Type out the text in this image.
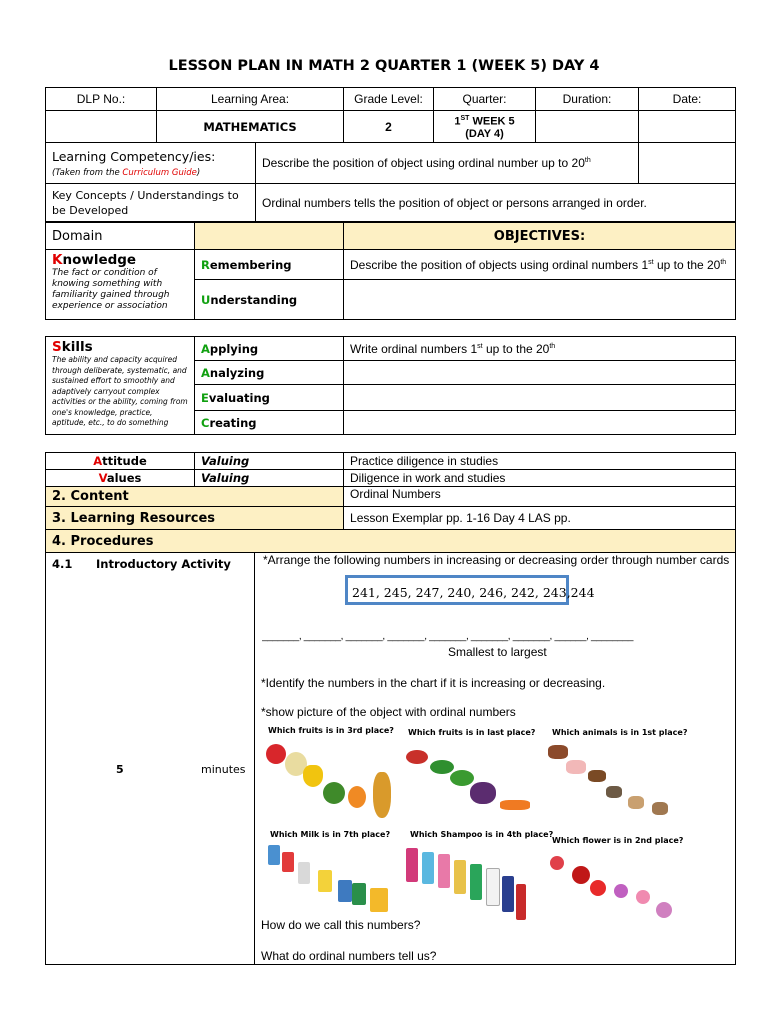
LESSON PLAN IN MATH 2 QUARTER 1 (WEEK 5) DAY 4
DLP No.:	Learning Area:		Grade Level:	Quarter:	Duration:	Date:
	MATHEMATICS		2	1ST WEEK 5
(DAY 4)		

Learning Competency/ies:
(Taken from the Curriculum Guide)		Describe the position of object using ordinal number up to 20th	
Key Concepts / Understandings to be Developed		Ordinal numbers tells the position of object or persons arranged in order.				
Domain		OBJECTIVES:

Knowledge
The fact or condition of knowing something with familiarity gained through experience or association	Remembering	Describe the position of objects using ordinal numbers 1st up to the 20th
	Understanding	
Skills
The ability and capacity acquired through deliberate, systematic, and sustained effort to smoothly and adaptively carryout complex activities or the ability, coming from one's knowledge, practice, aptitude, etc., to do something	Applying	Write ordinal numbers 1st up to the 20th
	Analyzing	
	Evaluating	
	Creating	
Attitude	Valuing		Practice diligence in studies
Values	Valuing		Diligence in work and studies
2. Content			Ordinal Numbers
3. Learning Resources			Lesson Exemplar pp. 1-16 Day 4 LAS pp.
4. Procedures			

4.1 Introductory Activity
5 minutes			

*Arrange the following numbers in increasing or decreasing order through number cards
241, 245, 247, 240, 246, 242, 243,244
_______, _______, _______, _______, _______, _______, _______, ______, ________
Smallest to largest
*Identify the numbers in the chart if it is increasing or decreasing.
*show picture of the object with ordinal numbers
Which fruits is in 3rd place? Which fruits is in last place? Which animals is in 1st place?
Which Milk is in 7th place? Which Shampoo is in 4th place?
Which flower is in 2nd place?
How do we call this numbers?
What do ordinal numbers tell us?
